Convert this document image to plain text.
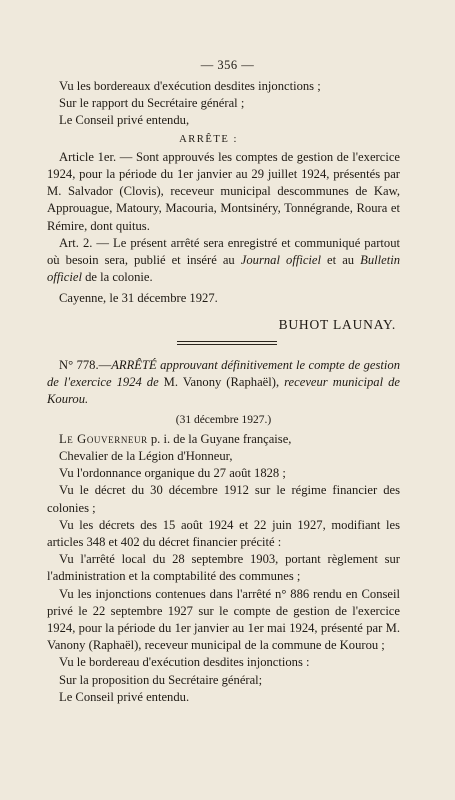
— 356 —

Vu les bordereaux d'exécution desdites injonctions ;

Sur le rapport du Secrétaire général ;

Le Conseil privé entendu,

ARRÊTE :

Article 1er. — Sont approuvés les comptes de gestion de l'exercice 1924, pour la période du 1er janvier au 29 juillet 1924, présentés par M. Salvador (Clovis), receveur municipal descommunes de Kaw, Approuague, Matoury, Macouria, Montsinéry, Tonnégrande, Roura et Rémire, dont quitus.

Art. 2. — Le présent arrêté sera enregistré et communiqué partout où besoin sera, publié et inséré au Journal officiel et au Bulletin officiel de la colonie.

Cayenne, le 31 décembre 1927.

BUHOT LAUNAY.

N° 778.—ARRÊTÉ approuvant définitivement le compte de gestion de l'exercice 1924 de M. Vanony (Raphaël), receveur municipal de Kourou.

(31 décembre 1927.)

Le Gouverneur p. i. de la Guyane française,

Chevalier de la Légion d'Honneur,

Vu l'ordonnance organique du 27 août 1828 ;

Vu le décret du 30 décembre 1912 sur le régime financier des colonies ;

Vu les décrets des 15 août 1924 et 22 juin 1927, modifiant les articles 348 et 402 du décret financier précité :

Vu l'arrêté local du 28 septembre 1903, portant règlement sur l'administration et la comptabilité des communes ;

Vu les injonctions contenues dans l'arrêté n° 886 rendu en Conseil privé le 22 septembre 1927 sur le compte de gestion de l'exercice 1924, pour la période du 1er janvier au 1er mai 1924, présenté par M. Vanony (Raphaël), receveur municipal de la commune de Kourou ;

Vu le bordereau d'exécution desdites injonctions :

Sur la proposition du Secrétaire général;

Le Conseil privé entendu.
